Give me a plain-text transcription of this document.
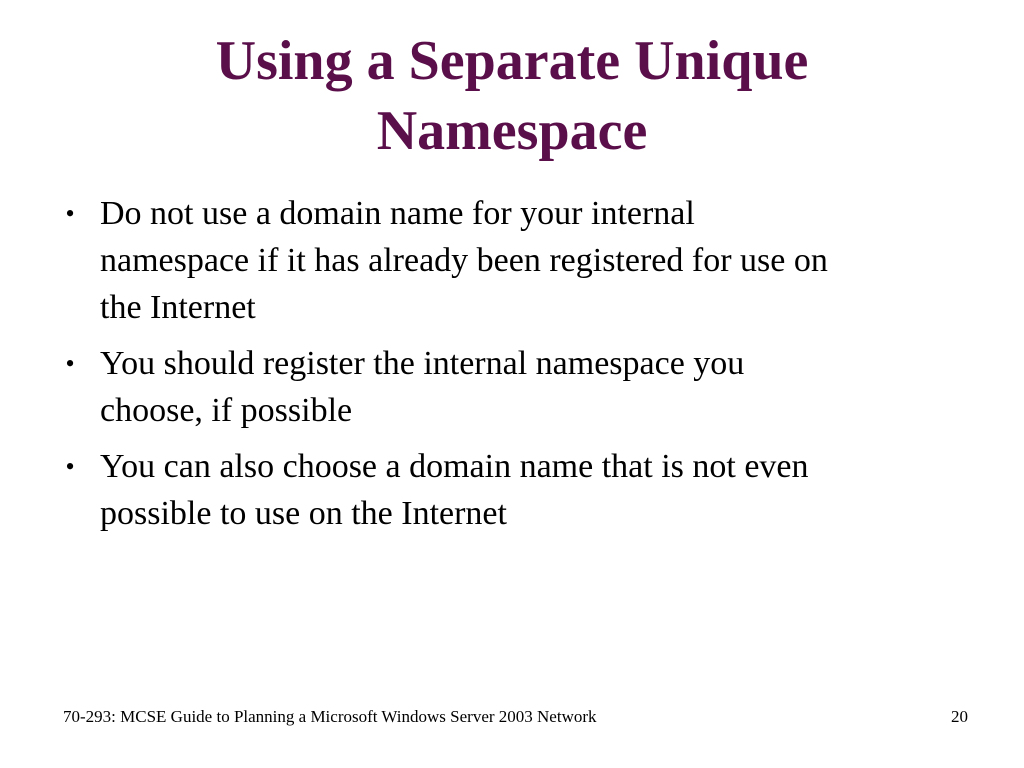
Using a Separate Unique
Namespace
• Do not use a domain name for your internal
namespace if it has already been registered for use on
the Internet
• You should register the internal namespace you
choose, if possible
• You can also choose a domain name that is not even
possible to use on the Internet
70-293: MCSE Guide to Planning a Microsoft Windows Server 2003 Network	20
